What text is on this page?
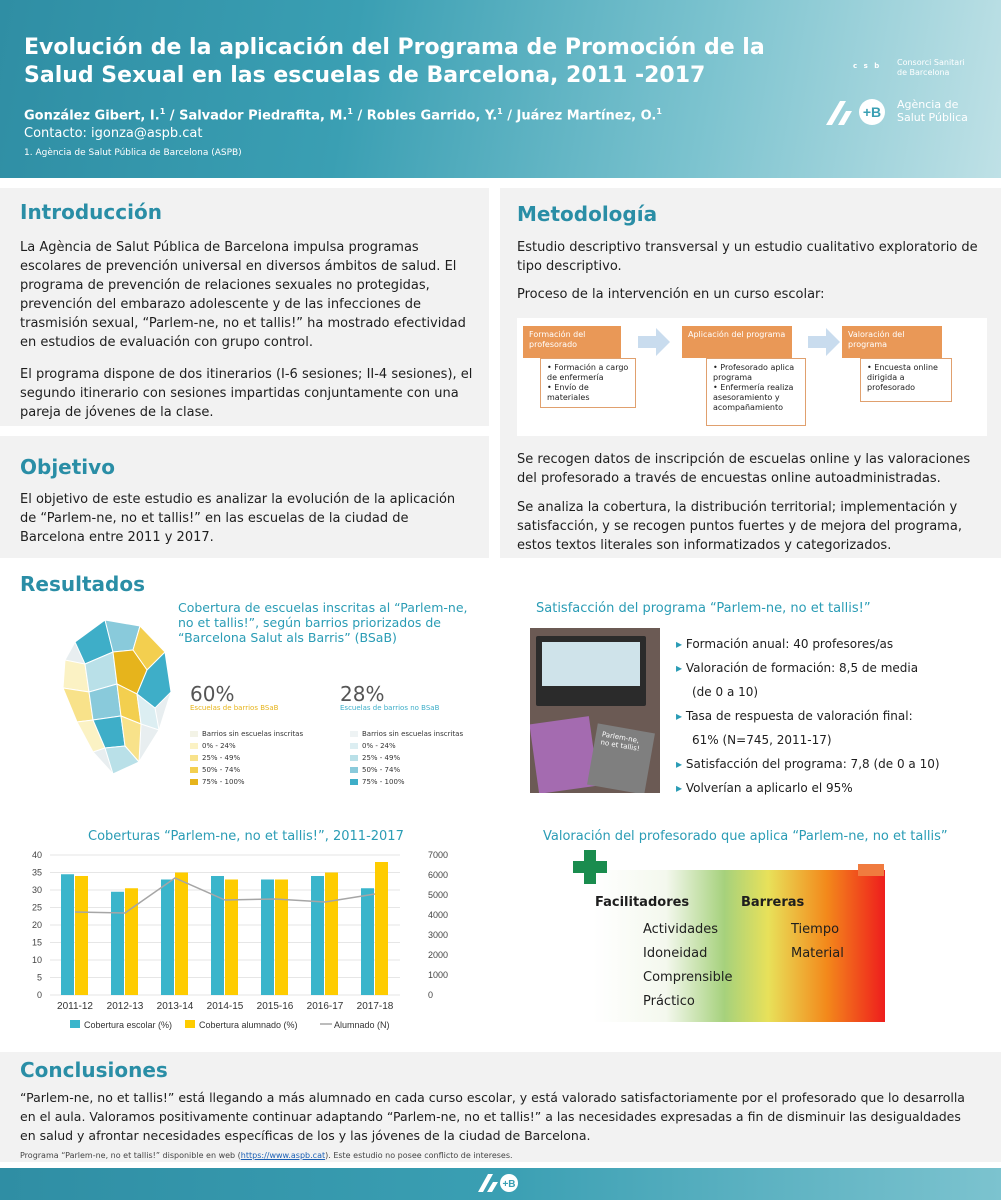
Evolución de la aplicación del Programa de Promoción de la Salud Sexual en las escuelas de Barcelona, 2011 -2017
González Gibert, I.$^1$ / Salvador Piedrafita, M.$^1$ / Robles Garrido, Y.$^1$ / Juárez Martínez, O.$^1$
Contacto: igonza@aspb.cat
1. Agència de Salut Pública de Barcelona (ASPB)
c s b Consorci Sanitari de Barcelona
+B Agència de Salut Pública
Introducción
La Agència de Salut Pública de Barcelona impulsa programas escolares de prevención universal en diversos ámbitos de salud. El programa de prevención de relaciones sexuales no protegidas, prevención del embarazo adolescente y de las infecciones de trasmisión sexual, “Parlem-ne, no et tallis!” ha mostrado efectividad en estudios de evaluación con grupo control.
El programa dispone de dos itinerarios (I-6 sesiones; II-4 sesiones), el segundo itinerario con sesiones impartidas conjuntamente con una pareja de jóvenes de la clase.
Objetivo
El objetivo de este estudio es analizar la evolución de la aplicación de “Parlem-ne, no et tallis!” en las escuelas de la ciudad de Barcelona entre 2011 y 2017.
Metodología
Estudio descriptivo transversal y un estudio cualitativo exploratorio de tipo descriptivo.
Proceso de la intervención en un curso escolar:
Formación del profesorado
• Formación a cargo de enfermería
• Envío de materiales
Aplicación del programa
• Profesorado aplica programa
• Enfermería realiza asesoramiento y acompañamiento
Valoración del programa
• Encuesta online dirigida a profesorado
Se recogen datos de inscripción de escuelas online y las valoraciones del profesorado a través de encuestas online autoadministradas.
Se analiza la cobertura, la distribución territorial; implementación y satisfacción, y se recogen puntos fuertes y de mejora del programa, estos textos literales son informatizados y categorizados.
Resultados
Cobertura de escuelas inscritas al “Parlem-ne, no et tallis!”, según barrios priorizados de “Barcelona Salut als Barris” (BSaB)
60%
Escuelas de barrios BSaB
28%
Escuelas de barrios no BSaB
Barrios sin escuelas inscritas
0% - 24%
25% - 49%
50% - 74%
75% - 100%
Barrios sin escuelas inscritas
0% - 24%
25% - 49%
50% - 74%
75% - 100%
Satisfacción del programa “Parlem-ne, no et tallis!”
Parlem-ne, no et tallis!
▸ Formación anual: 40 profesores/as
▸ Valoración de formación: 8,5 de media
(de 0 a 10)
▸ Tasa de respuesta de valoración final:
61% (N=745, 2011-17)
▸ Satisfacción del programa: 7,8 (de 0 a 10)
▸ Volverían a aplicarlo el 95%
Coberturas “Parlem-ne, no et tallis!”, 2011-2017
0
5
10
15
20
25
30
35
40
0
1000
2000
3000
4000
5000
6000
7000
2011-12 2012-13 2013-14 2014-15 2015-16 2016-17 2017-18
Cobertura escolar (%)	Cobertura alumnado (%)	Alumnado (N)
Valoración del profesorado que aplica “Parlem-ne, no et tallis”
Facilitadores	Barreras
Actividades
Idoneidad
Comprensible
Práctico
Tiempo
Material
Conclusiones
“Parlem-ne, no et tallis!” está llegando a más alumnado en cada curso escolar, y está valorado satisfactoriamente por el profesorado que lo desarrolla en el aula. Valoramos positivamente continuar adaptando “Parlem-ne, no et tallis!” a las necesidades expresadas a fin de disminuir las desigualdades en salud y afrontar necesidades específicas de los y las jóvenes de la ciudad de Barcelona.
Programa “Parlem-ne, no et tallis!” disponible en web (https://www.aspb.cat). Este estudio no posee conflicto de intereses.
+B
